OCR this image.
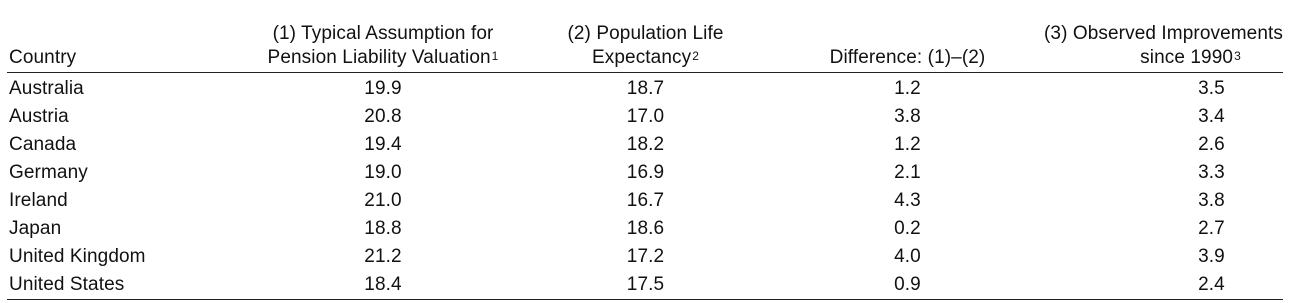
Country	(1) Typical Assumption for
Pension Liability Valuation$^1$	(2) Population Life
Expectancy$^2$	Difference: (1)–(2)	(3) Observed Improvements
since 1990$^3$

Australia	19.9	18.7	1.2	3.5
Austria	20.8	17.0	3.8	3.4
Canada	19.4	18.2	1.2	2.6
Germany	19.0	16.9	2.1	3.3
Ireland	21.0	16.7	4.3	3.8
Japan	18.8	18.6	0.2	2.7
United Kingdom	21.2	17.2	4.0	3.9
United States	18.4	17.5	0.9	2.4
